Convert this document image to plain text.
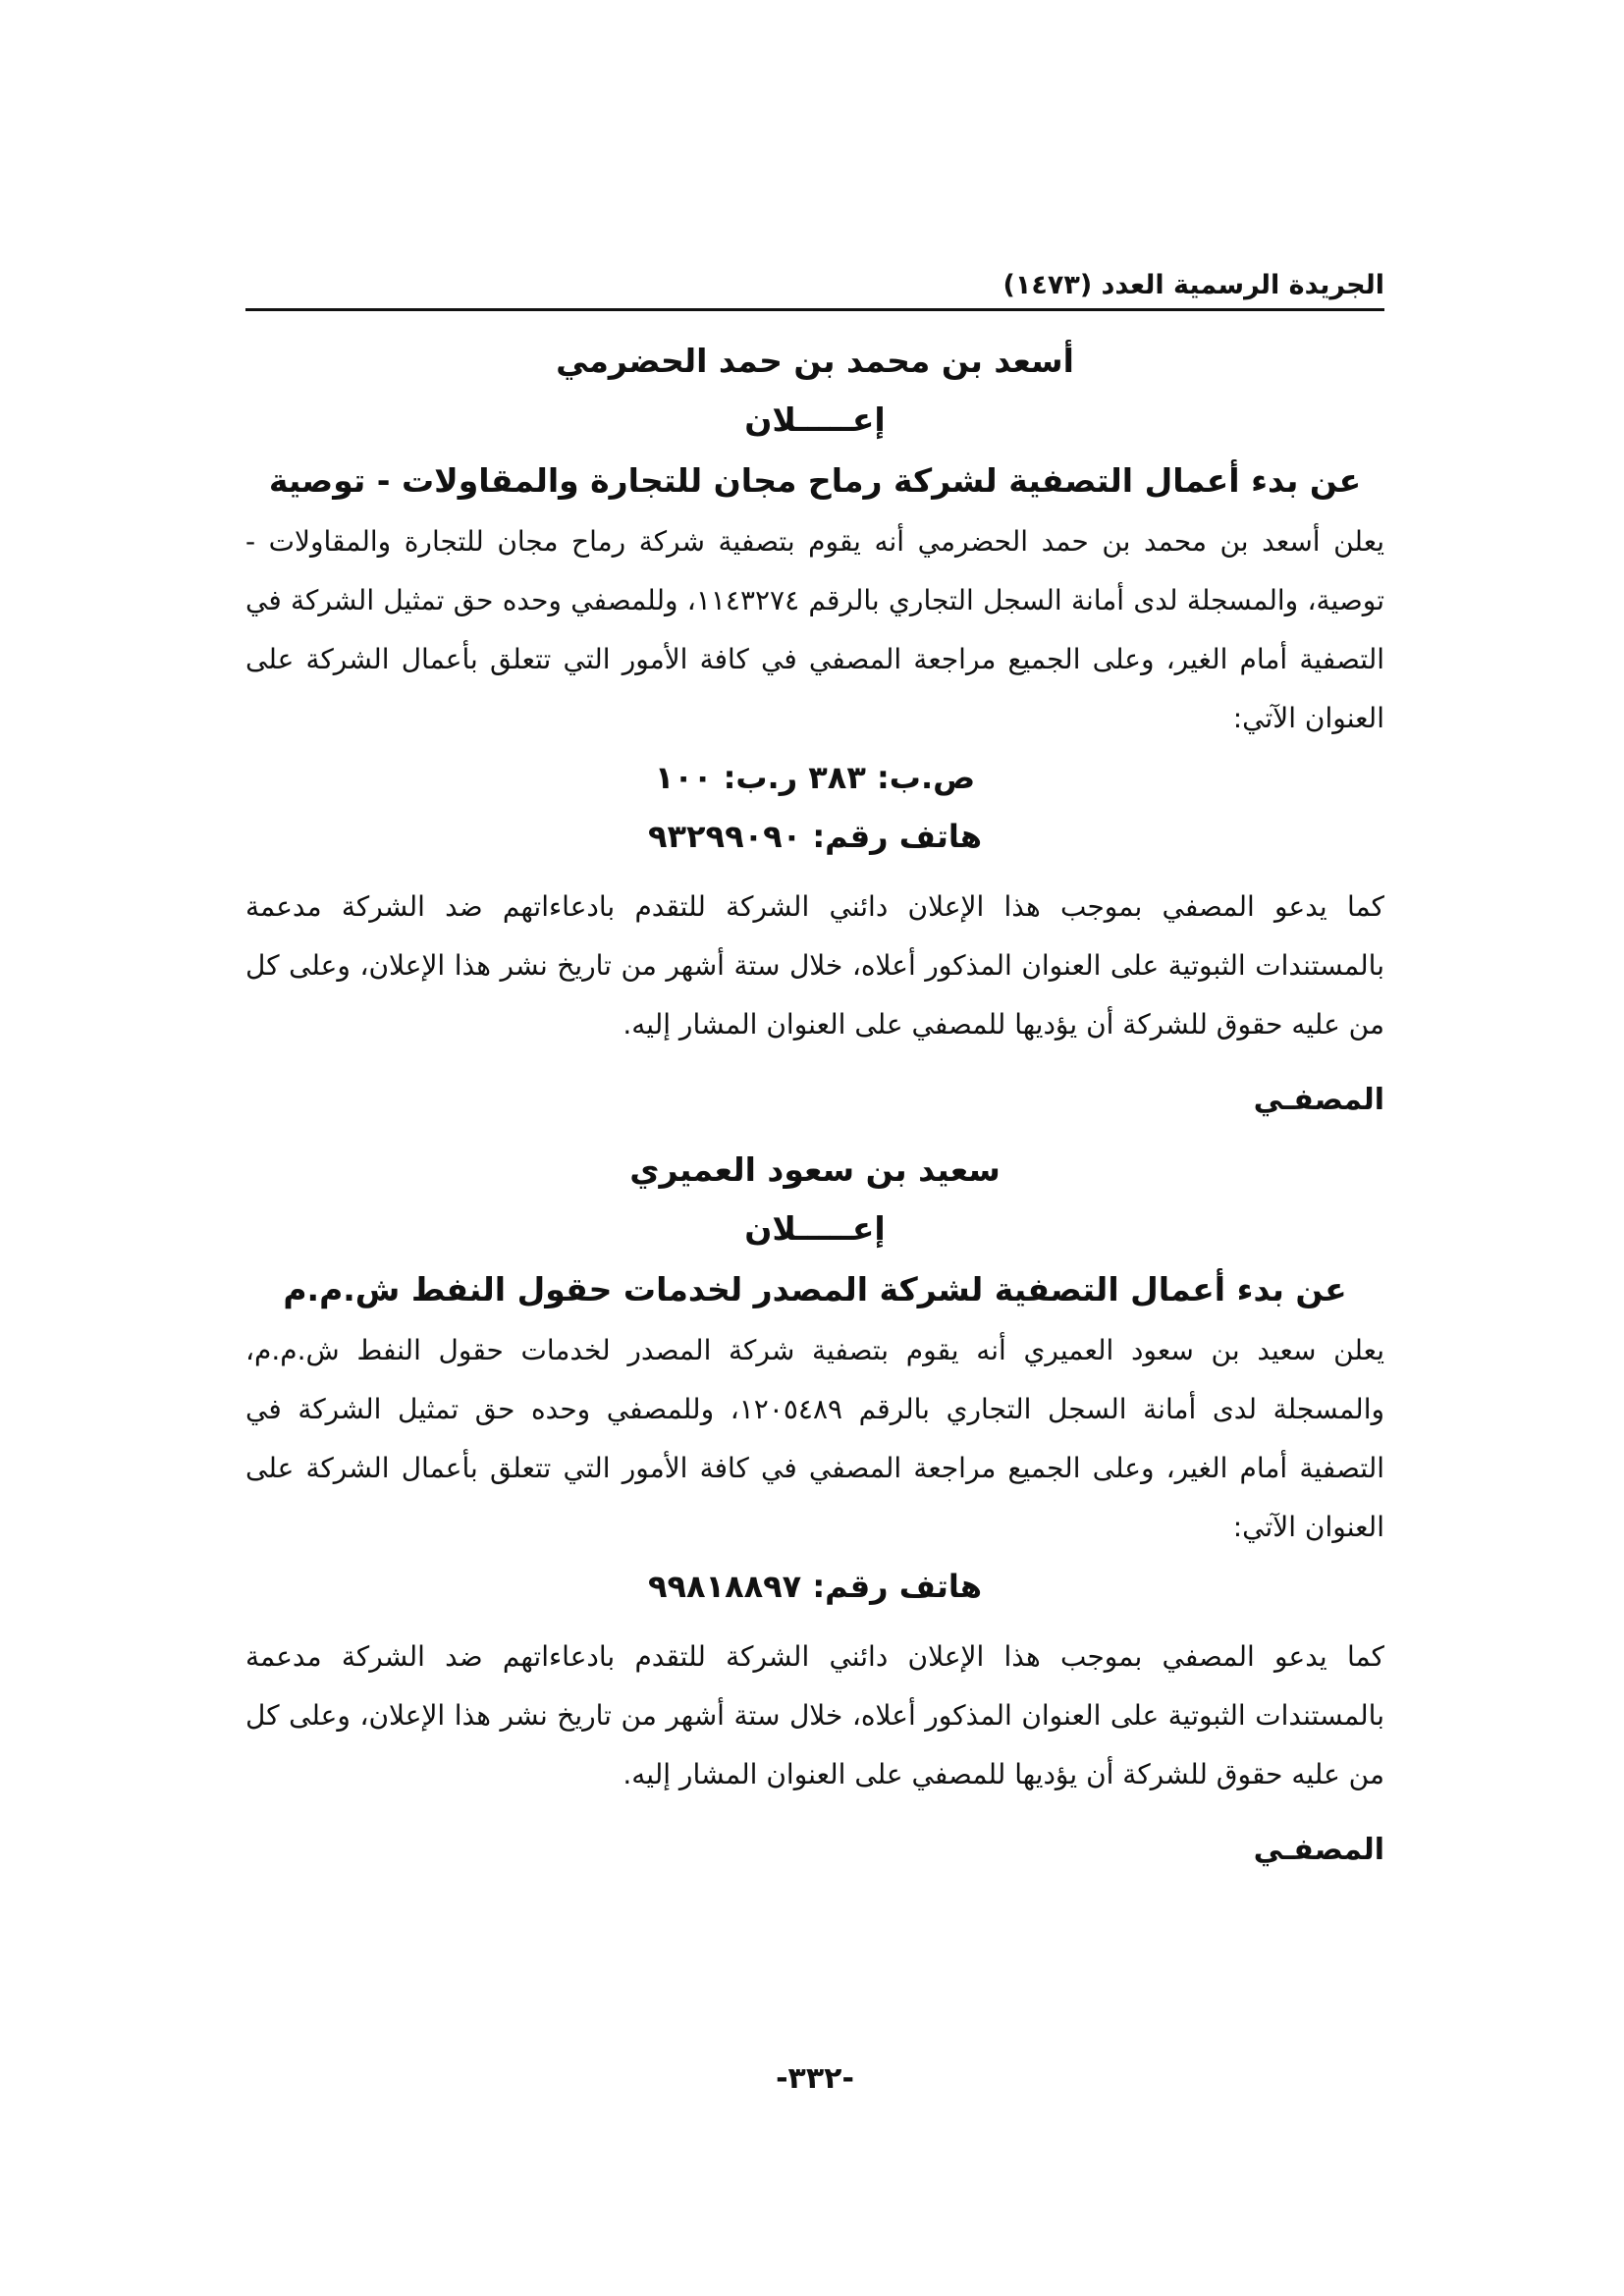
الجريدة الرسمية العدد (١٤٧٣)
أسعد بن محمد بن حمد الحضرمي
إعـــــلان
عن بدء أعمال التصفية لشركة رماح مجان للتجارة والمقاولات - توصية

يعلن أسعد بن محمد بن حمد الحضرمي أنه يقوم بتصفية شركة رماح مجان للتجارة والمقاولات - توصية، والمسجلة لدى أمانة السجل التجاري بالرقم ١١٤٣٢٧٤، وللمصفي وحده حق تمثيل الشركة في التصفية أمام الغير، وعلى الجميع مراجعة المصفي في كافة الأمور التي تتعلق بأعمال الشركة على العنوان الآتي:

ص.ب: ٣٨٣ ر.ب: ١٠٠
هاتف رقم: ٩٣٢٩٩٠٩٠

كما يدعو المصفي بموجب هذا الإعلان دائني الشركة للتقدم بادعاءاتهم ضد الشركة مدعمة بالمستندات الثبوتية على العنوان المذكور أعلاه، خلال ستة أشهر من تاريخ نشر هذا الإعلان، وعلى كل من عليه حقوق للشركة أن يؤديها للمصفي على العنوان المشار إليه.

المصفـي
سعيد بن سعود العميري
إعـــــلان
عن بدء أعمال التصفية لشركة المصدر لخدمات حقول النفط ش.م.م

يعلن سعيد بن سعود العميري أنه يقوم بتصفية شركة المصدر لخدمات حقول النفط ش.م.م، والمسجلة لدى أمانة السجل التجاري بالرقم ١٢٠٥٤٨٩، وللمصفي وحده حق تمثيل الشركة في التصفية أمام الغير، وعلى الجميع مراجعة المصفي في كافة الأمور التي تتعلق بأعمال الشركة على العنوان الآتي:

هاتف رقم: ٩٩٨١٨٨٩٧

كما يدعو المصفي بموجب هذا الإعلان دائني الشركة للتقدم بادعاءاتهم ضد الشركة مدعمة بالمستندات الثبوتية على العنوان المذكور أعلاه، خلال ستة أشهر من تاريخ نشر هذا الإعلان، وعلى كل من عليه حقوق للشركة أن يؤديها للمصفي على العنوان المشار إليه.

المصفـي
-٣٣٢-
